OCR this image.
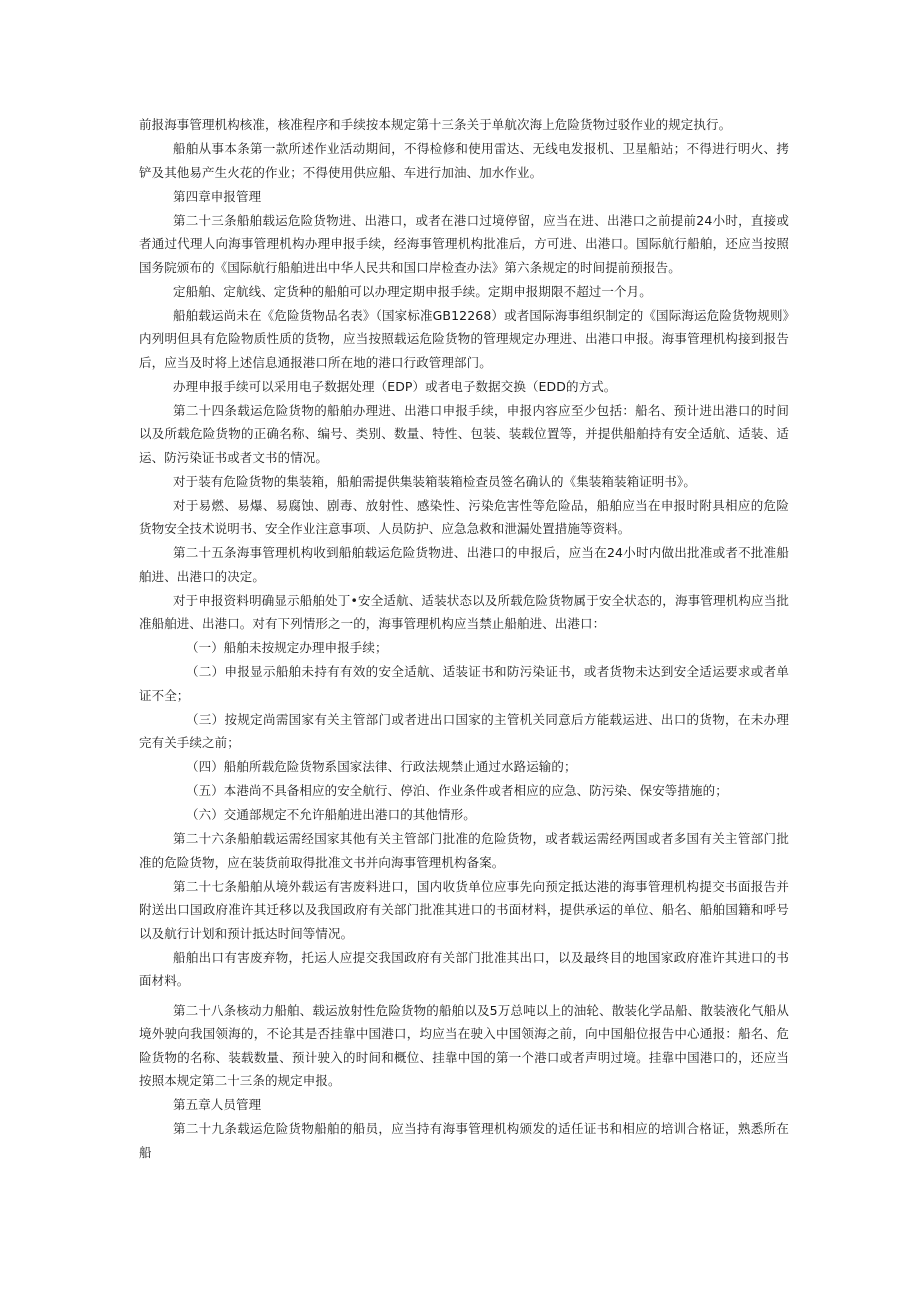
前报海事管理机构核准，核准程序和手续按本规定第十三条关于单航次海上危险货物过驳作业的规定执行。

船舶从事本条第一款所述作业活动期间，不得检修和使用雷达、无线电发报机、卫星船站；不得进行明火、拷铲及其他易产生火花的作业；不得使用供应船、车进行加油、加水作业。

第四章申报管理

第二十三条船舶载运危险货物进、出港口，或者在港口过境停留，应当在进、出港口之前提前24小时，直接或者通过代理人向海事管理机构办理申报手续，经海事管理机构批准后，方可进、出港口。国际航行船舶，还应当按照国务院颁布的《国际航行船舶进出中华人民共和国口岸检查办法》第六条规定的时间提前预报告。

定船舶、定航线、定货种的船舶可以办理定期申报手续。定期申报期限不超过一个月。

船舶载运尚未在《危险货物品名表》（国家标准GB12268）或者国际海事组织制定的《国际海运危险货物规则》内列明但具有危险物质性质的货物，应当按照载运危险货物的管理规定办理进、出港口申报。海事管理机构接到报告后，应当及时将上述信息通报港口所在地的港口行政管理部门。

办理申报手续可以采用电子数据处理（EDP）或者电子数据交换（EDD的方式。

第二十四条载运危险货物的船舶办理进、出港口申报手续，申报内容应至少包括：船名、预计进出港口的时间以及所载危险货物的正确名称、编号、类别、数量、特性、包装、装载位置等，并提供船舶持有安全适航、适装、适运、防污染证书或者文书的情况。

对于装有危险货物的集装箱，船舶需提供集装箱装箱检查员签名确认的《集装箱装箱证明书》。

对于易燃、易爆、易腐蚀、剧毒、放射性、感染性、污染危害性等危险品，船舶应当在申报时附具相应的危险货物安全技术说明书、安全作业注意事项、人员防护、应急急救和泄漏处置措施等资料。

第二十五条海事管理机构收到船舶载运危险货物进、出港口的申报后，应当在24小时内做出批准或者不批准船舶进、出港口的决定。

对于申报资料明确显示船舶处丁•安全适航、适装状态以及所载危险货物属于安全状态的，海事管理机构应当批准船舶进、出港口。对有下列情形之一的，海事管理机构应当禁止船舶进、出港口：

（一）船舶未按规定办理申报手续；

（二）申报显示船舶未持有有效的安全适航、适装证书和防污染证书，或者货物未达到安全适运要求或者单证不全；

（三）按规定尚需国家有关主管部门或者进出口国家的主管机关同意后方能载运进、出口的货物，在未办理完有关手续之前；

（四）船舶所载危险货物系国家法律、行政法规禁止通过水路运输的；

（五）本港尚不具备相应的安全航行、停泊、作业条件或者相应的应急、防污染、保安等措施的；

（六）交通部规定不允许船舶进出港口的其他情形。

第二十六条船舶载运需经国家其他有关主管部门批准的危险货物，或者载运需经两国或者多国有关主管部门批准的危险货物，应在装货前取得批准文书并向海事管理机构备案。

第二十七条船舶从境外载运有害废料进口，国内收货单位应事先向预定抵达港的海事管理机构提交书面报告并附送出口国政府准许其迁移以及我国政府有关部门批准其进口的书面材料，提供承运的单位、船名、船舶国籍和呼号以及航行计划和预计抵达时间等情况。

船舶出口有害废弃物，托运人应提交我国政府有关部门批准其出口，以及最终目的地国家政府准许其进口的书面材料。

第二十八条核动力船舶、载运放射性危险货物的船舶以及5万总吨以上的油轮、散装化学品船、散装液化气船从境外驶向我国领海的，不论其是否挂靠中国港口，均应当在驶入中国领海之前，向中国船位报告中心通报：船名、危险货物的名称、装载数量、预计驶入的时间和概位、挂靠中国的第一个港口或者声明过境。挂靠中国港口的，还应当按照本规定第二十三条的规定申报。

第五章人员管理

第二十九条载运危险货物船舶的船员，应当持有海事管理机构颁发的适任证书和相应的培训合格证，熟悉所在船
